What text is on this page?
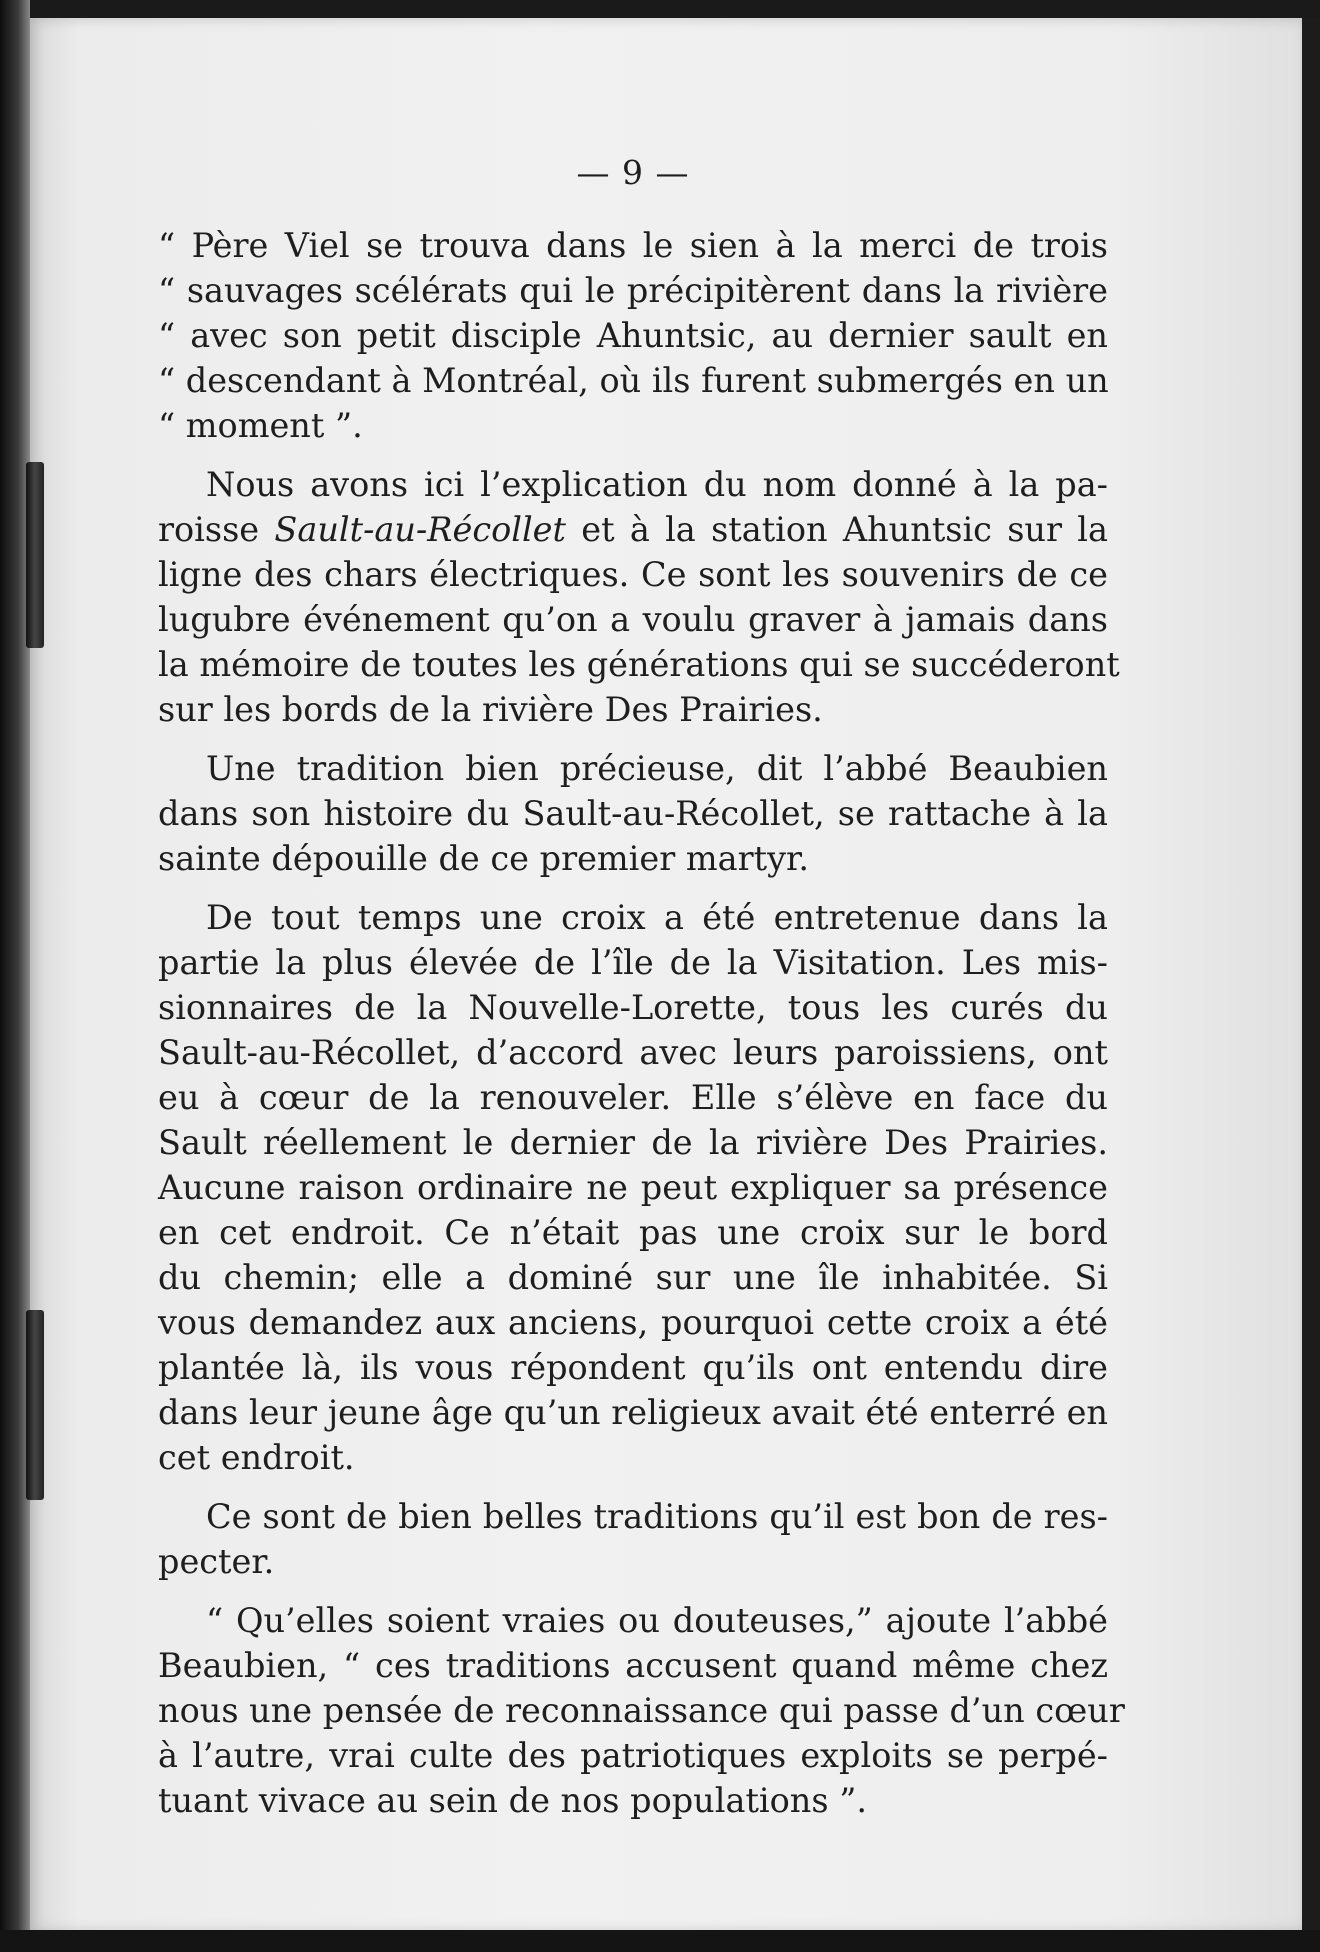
— 9 —
“ Père Viel se trouva dans le sien à la merci de trois
“ sauvages scélérats qui le précipitèrent dans la rivière
“ avec son petit disciple Ahuntsic, au dernier sault en
“ descendant à Montréal, où ils furent submergés en un
“ moment ”.
Nous avons ici l’explication du nom donné à la pa-
roisse Sault-au-Récollet et à la station Ahuntsic sur la
ligne des chars électriques. Ce sont les souvenirs de ce
lugubre événement qu’on a voulu graver à jamais dans
la mémoire de toutes les générations qui se succéderont
sur les bords de la rivière Des Prairies.
Une tradition bien précieuse, dit l’abbé Beaubien
dans son histoire du Sault-au-Récollet, se rattache à la
sainte dépouille de ce premier martyr.
De tout temps une croix a été entretenue dans la
partie la plus élevée de l’île de la Visitation. Les mis-
sionnaires de la Nouvelle-Lorette, tous les curés du
Sault-au-Récollet, d’accord avec leurs paroissiens, ont
eu à cœur de la renouveler. Elle s’élève en face du
Sault réellement le dernier de la rivière Des Prairies.
Aucune raison ordinaire ne peut expliquer sa présence
en cet endroit. Ce n’était pas une croix sur le bord
du chemin; elle a dominé sur une île inhabitée. Si
vous demandez aux anciens, pourquoi cette croix a été
plantée là, ils vous répondent qu’ils ont entendu dire
dans leur jeune âge qu’un religieux avait été enterré en
cet endroit.
Ce sont de bien belles traditions qu’il est bon de res-
pecter.
“ Qu’elles soient vraies ou douteuses,” ajoute l’abbé
Beaubien, “ ces traditions accusent quand même chez
nous une pensée de reconnaissance qui passe d’un cœur
à l’autre, vrai culte des patriotiques exploits se perpé-
tuant vivace au sein de nos populations ”.
